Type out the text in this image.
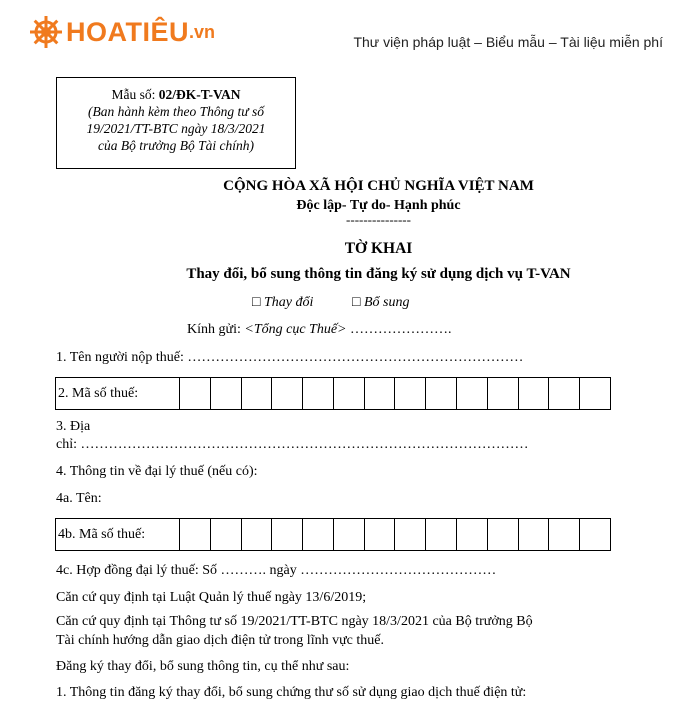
HOATIÊU .vn
Thư viện pháp luật – Biểu mẫu – Tài liệu miễn phí
Mẫu số: 02/ĐK-T-VAN
(Ban hành kèm theo Thông tư số
19/2021/TT-BTC ngày 18/3/2021
của Bộ trưởng Bộ Tài chính)
CỘNG HÒA XÃ HỘI CHỦ NGHĨA VIỆT NAM
Độc lập- Tự do- Hạnh phúc
---------------
TỜ KHAI
Thay đổi, bổ sung thông tin đăng ký sử dụng dịch vụ T-VAN
□ Thay đổi	□ Bổ sung
Kính gửi: <Tổng cục Thuế> ………………….
1. Tên người nộp thuế: ………………………………………………………………
2. Mã số thuế:
3. Địa
chỉ: ……………………………………………………………………………………
4. Thông tin về đại lý thuế (nếu có):
4a. Tên:
4b. Mã số thuế:
4c. Hợp đồng đại lý thuế: Số ………. ngày ……………………………………
Căn cứ quy định tại Luật Quản lý thuế ngày 13/6/2019;
Căn cứ quy định tại Thông tư số 19/2021/TT-BTC ngày 18/3/2021 của Bộ trưởng Bộ
Tài chính hướng dẫn giao dịch điện tử trong lĩnh vực thuế.
Đăng ký thay đổi, bổ sung thông tin, cụ thể như sau:
1. Thông tin đăng ký thay đổi, bổ sung chứng thư số sử dụng giao dịch thuế điện tử:
